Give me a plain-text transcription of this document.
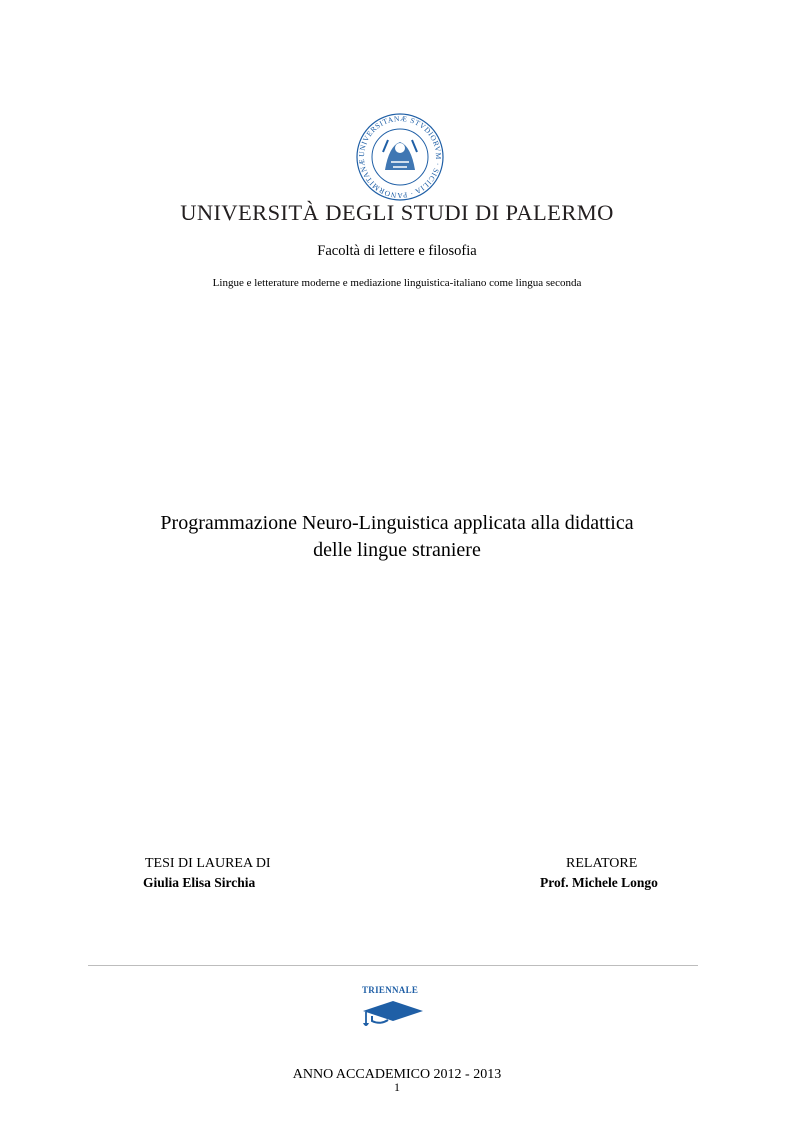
UNIVERSITANÆ STVDIORVM · SICILIA · PANORMITANÆ
UNIVERSITÀ DEGLI STUDI DI PALERMO
Facoltà di lettere e filosofia
Lingue e letterature moderne e mediazione linguistica-italiano come lingua seconda
Programmazione Neuro-Linguistica applicata alla didattica
delle lingue straniere
TESI DI LAUREA DI
Giulia Elisa Sirchia
RELATORE
Prof. Michele Longo
TRIENNALE
ANNO ACCADEMICO 2012 - 2013
1
